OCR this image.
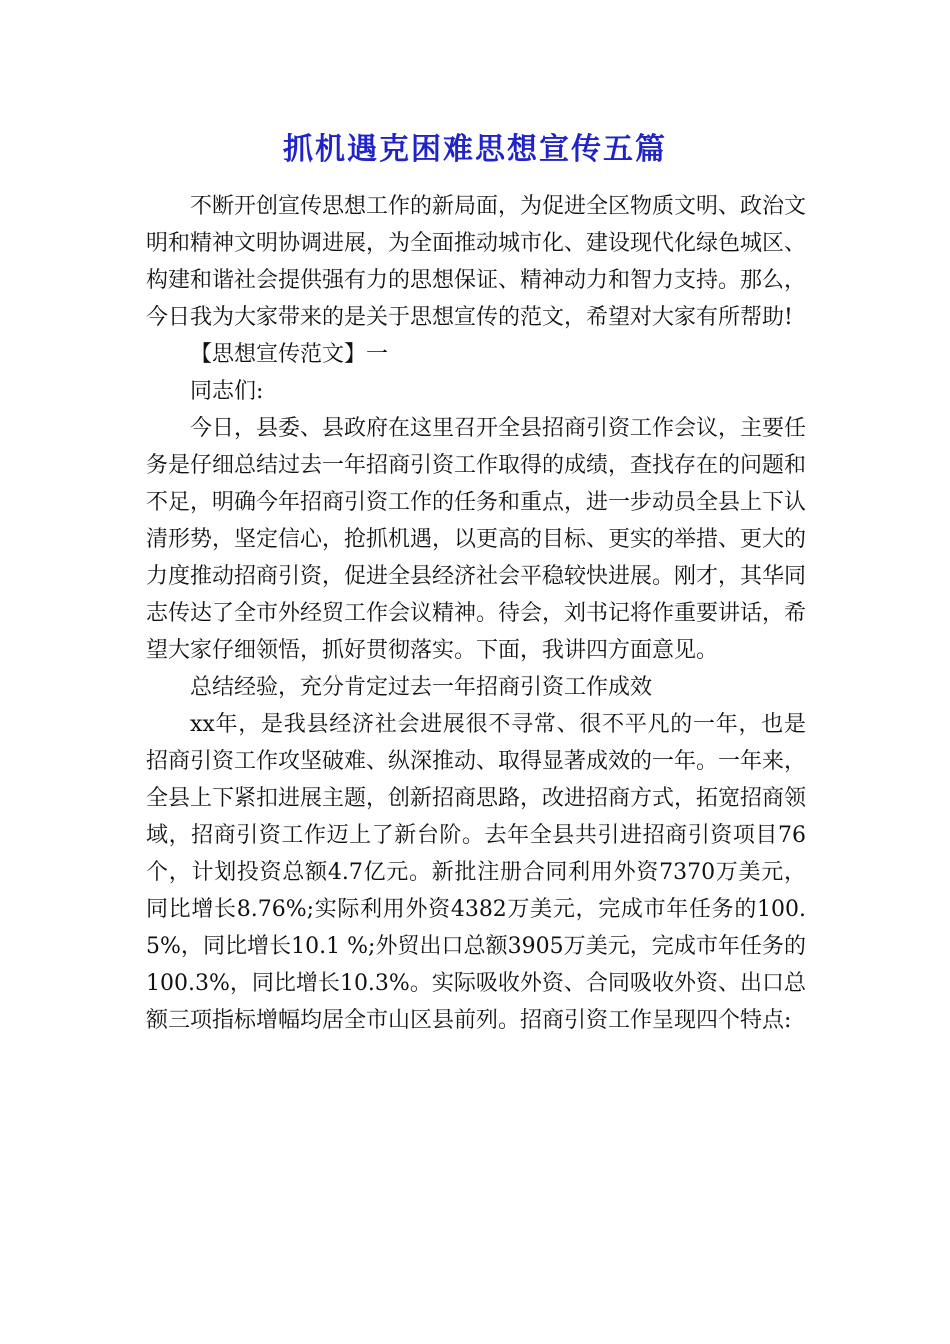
抓机遇克困难思想宣传五篇

不断开创宣传思想工作的新局面，为促进全区物质文明、政治文明和精神文明协调进展，为全面推动城市化、建设现代化绿色城区、构建和谐社会提供强有力的思想保证、精神动力和智力支持。那么，今日我为大家带来的是关于思想宣传的范文，希望对大家有所帮助!

【思想宣传范文】一

同志们:

今日，县委、县政府在这里召开全县招商引资工作会议，主要任务是仔细总结过去一年招商引资工作取得的成绩，查找存在的问题和不足，明确今年招商引资工作的任务和重点，进一步动员全县上下认清形势，坚定信心，抢抓机遇，以更高的目标、更实的举措、更大的力度推动招商引资，促进全县经济社会平稳较快进展。刚才，其华同志传达了全市外经贸工作会议精神。待会，刘书记将作重要讲话，希望大家仔细领悟，抓好贯彻落实。下面，我讲四方面意见。

总结经验，充分肯定过去一年招商引资工作成效

xx年，是我县经济社会进展很不寻常、很不平凡的一年，也是招商引资工作攻坚破难、纵深推动、取得显著成效的一年。一年来，全县上下紧扣进展主题，创新招商思路，改进招商方式，拓宽招商领域，招商引资工作迈上了新台阶。去年全县共引进招商引资项目76个，计划投资总额4.7亿元。新批注册合同利用外资7370万美元，同比增长8.76%;实际利用外资4382万美元，完成市年任务的100.5%，同比增长10.1 %;外贸出口总额3905万美元，完成市年任务的100.3%，同比增长10.3%。实际吸收外资、合同吸收外资、出口总额三项指标增幅均居全市山区县前列。招商引资工作呈现四个特点:
